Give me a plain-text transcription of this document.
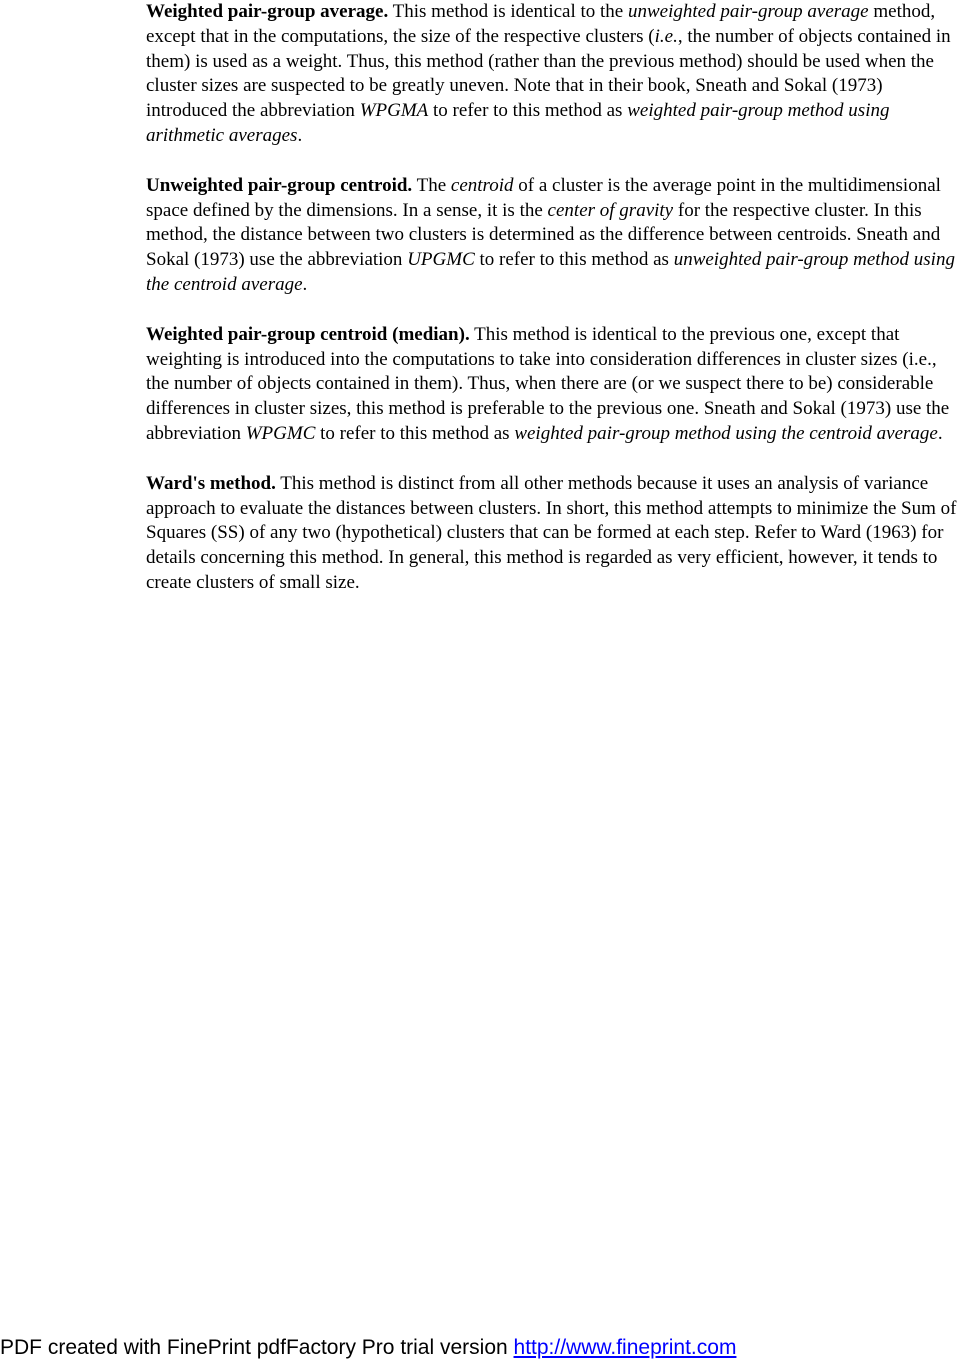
Weighted pair-group average. This method is identical to the unweighted pair-group average method, except that in the computations, the size of the respective clusters (i.e., the number of objects contained in them) is used as a weight. Thus, this method (rather than the previous method) should be used when the cluster sizes are suspected to be greatly uneven. Note that in their book, Sneath and Sokal (1973) introduced the abbreviation WPGMA to refer to this method as weighted pair-group method using arithmetic averages.

Unweighted pair-group centroid. The centroid of a cluster is the average point in the multidimensional space defined by the dimensions. In a sense, it is the center of gravity for the respective cluster. In this method, the distance between two clusters is determined as the difference between centroids. Sneath and Sokal (1973) use the abbreviation UPGMC to refer to this method as unweighted pair-group method using the centroid average.

Weighted pair-group centroid (median). This method is identical to the previous one, except that weighting is introduced into the computations to take into consideration differences in cluster sizes (i.e., the number of objects contained in them). Thus, when there are (or we suspect there to be) considerable differences in cluster sizes, this method is preferable to the previous one. Sneath and Sokal (1973) use the abbreviation WPGMC to refer to this method as weighted pair-group method using the centroid average.

Ward's method. This method is distinct from all other methods because it uses an analysis of variance approach to evaluate the distances between clusters. In short, this method attempts to minimize the Sum of Squares (SS) of any two (hypothetical) clusters that can be formed at each step. Refer to Ward (1963) for details concerning this method. In general, this method is regarded as very efficient, however, it tends to create clusters of small size.

PDF created with FinePrint pdfFactory Pro trial version http://www.fineprint.com
